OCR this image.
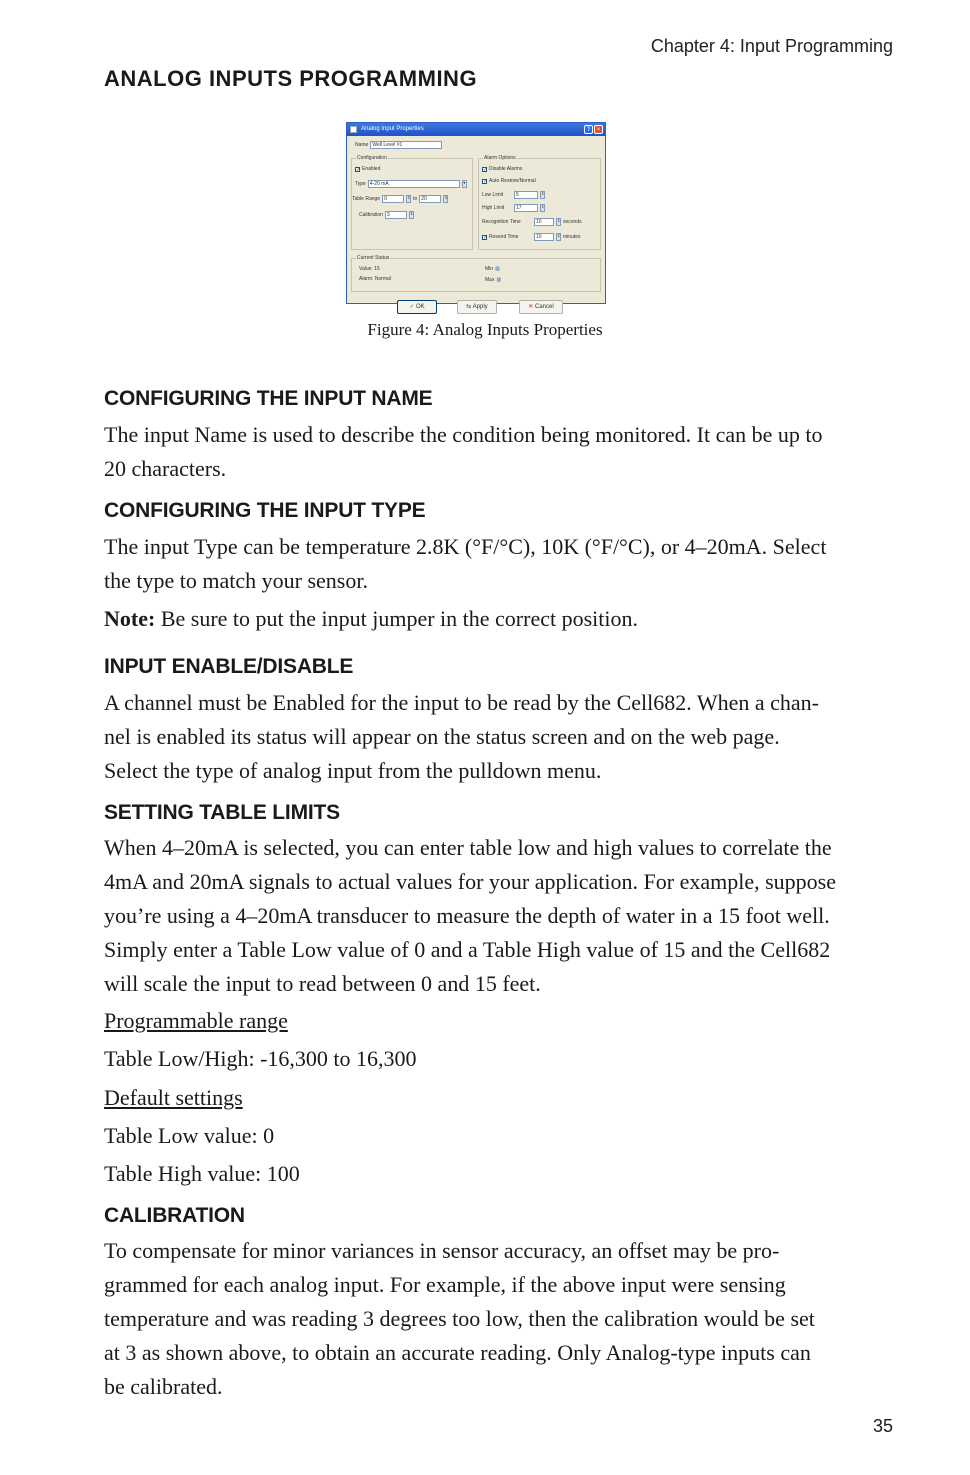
Chapter 4: Input Programming
ANALOG INPUTS PROGRAMMING
Analog Input Properties	?	×
Name Well Level #1
Configuration
✓ Enabled
Type 4-20 mA	▾
Table Range 0	⇕ to 20	⇕
Calibration 3	⇕
Alarm Options
✓ Disable Alarms
✓ Auto Restore/Normal
Low Limit	5	⇕
High Limit	17	⇕
Recognition Time	10	⇕ seconds
✓ Resend Time	10	⇕ minutes
Current Status
Value: 15
Alarm: Normal
Min ▥
Max ▥
✓ OK	⇆ Apply	✕ Cancel
Figure 4: Analog Inputs Properties
CONFIGURING THE INPUT NAME

The input Name is used to describe the condition being monitored. It can be up to
20 characters.

CONFIGURING THE INPUT TYPE

The input Type can be temperature 2.8K (°F/°C), 10K (°F/°C), or 4–20mA. Select
the type to match your sensor.

Note: Be sure to put the input jumper in the correct position.

INPUT ENABLE/DISABLE

A channel must be Enabled for the input to be read by the Cell682. When a chan-
nel is enabled its status will appear on the status screen and on the web page.
Select the type of analog input from the pulldown menu.

SETTING TABLE LIMITS

When 4–20mA is selected, you can enter table low and high values to correlate the
4mA and 20mA signals to actual values for your application. For example, suppose
you’re using a 4–20mA transducer to measure the depth of water in a 15 foot well.
Simply enter a Table Low value of 0 and a Table High value of 15 and the Cell682
will scale the input to read between 0 and 15 feet.

Programmable range

Table Low/High: -16,300 to 16,300

Default settings

Table Low value: 0

Table High value: 100

CALIBRATION

To compensate for minor variances in sensor accuracy, an offset may be pro-
grammed for each analog input. For example, if the above input were sensing
temperature and was reading 3 degrees too low, then the calibration would be set
at 3 as shown above, to obtain an accurate reading. Only Analog-type inputs can
be calibrated.

35
